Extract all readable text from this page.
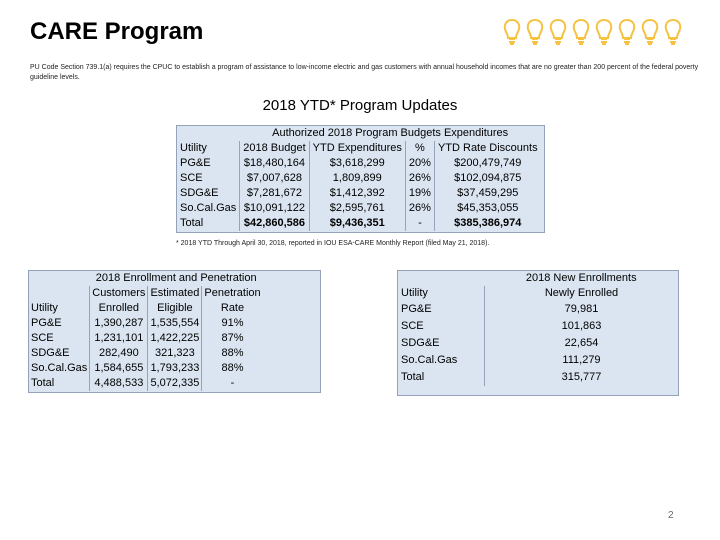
CARE Program

PU Code Section 739.1(a) requires the CPUC to establish a program of assistance to low-income electric and gas customers with annual household incomes that are no greater than 200 percent of the federal poverty guideline levels.

2018 YTD* Program Updates
	Authorized 2018 Program Budgets Expenditures			
Utility	2018 Budget	YTD Expenditures	%	YTD Rate Discounts
PG&E	$18,480,164	$3,618,299	20%	$200,479,749
SCE	$7,007,628	1,809,899	26%	$102,094,875
SDG&E	$7,281,672	$1,412,392	19%	$37,459,295
So.Cal.Gas	$10,091,122	$2,595,761	26%	$45,353,055
Total	$42,860,586	$9,436,351	-	$385,386,974
* 2018 YTD Through April 30, 2018, reported in IOU ESA-CARE Monthly Report (filed May 21, 2018).
	2018 Enrollment and Penetration		
	Customers	Estimated	Penetration
Utility	Enrolled	Eligible	Rate
PG&E	1,390,287	1,535,554	91%
SCE	1,231,101	1,422,225	87%
SDG&E	282,490	321,323	88%
So.Cal.Gas	1,584,655	1,793,233	88%
Total	4,488,533	5,072,335	-
	2018 New Enrollments
Utility	Newly Enrolled
PG&E	79,981
SCE	101,863
SDG&E	22,654
So.Cal.Gas	111,279
Total	315,777
2
